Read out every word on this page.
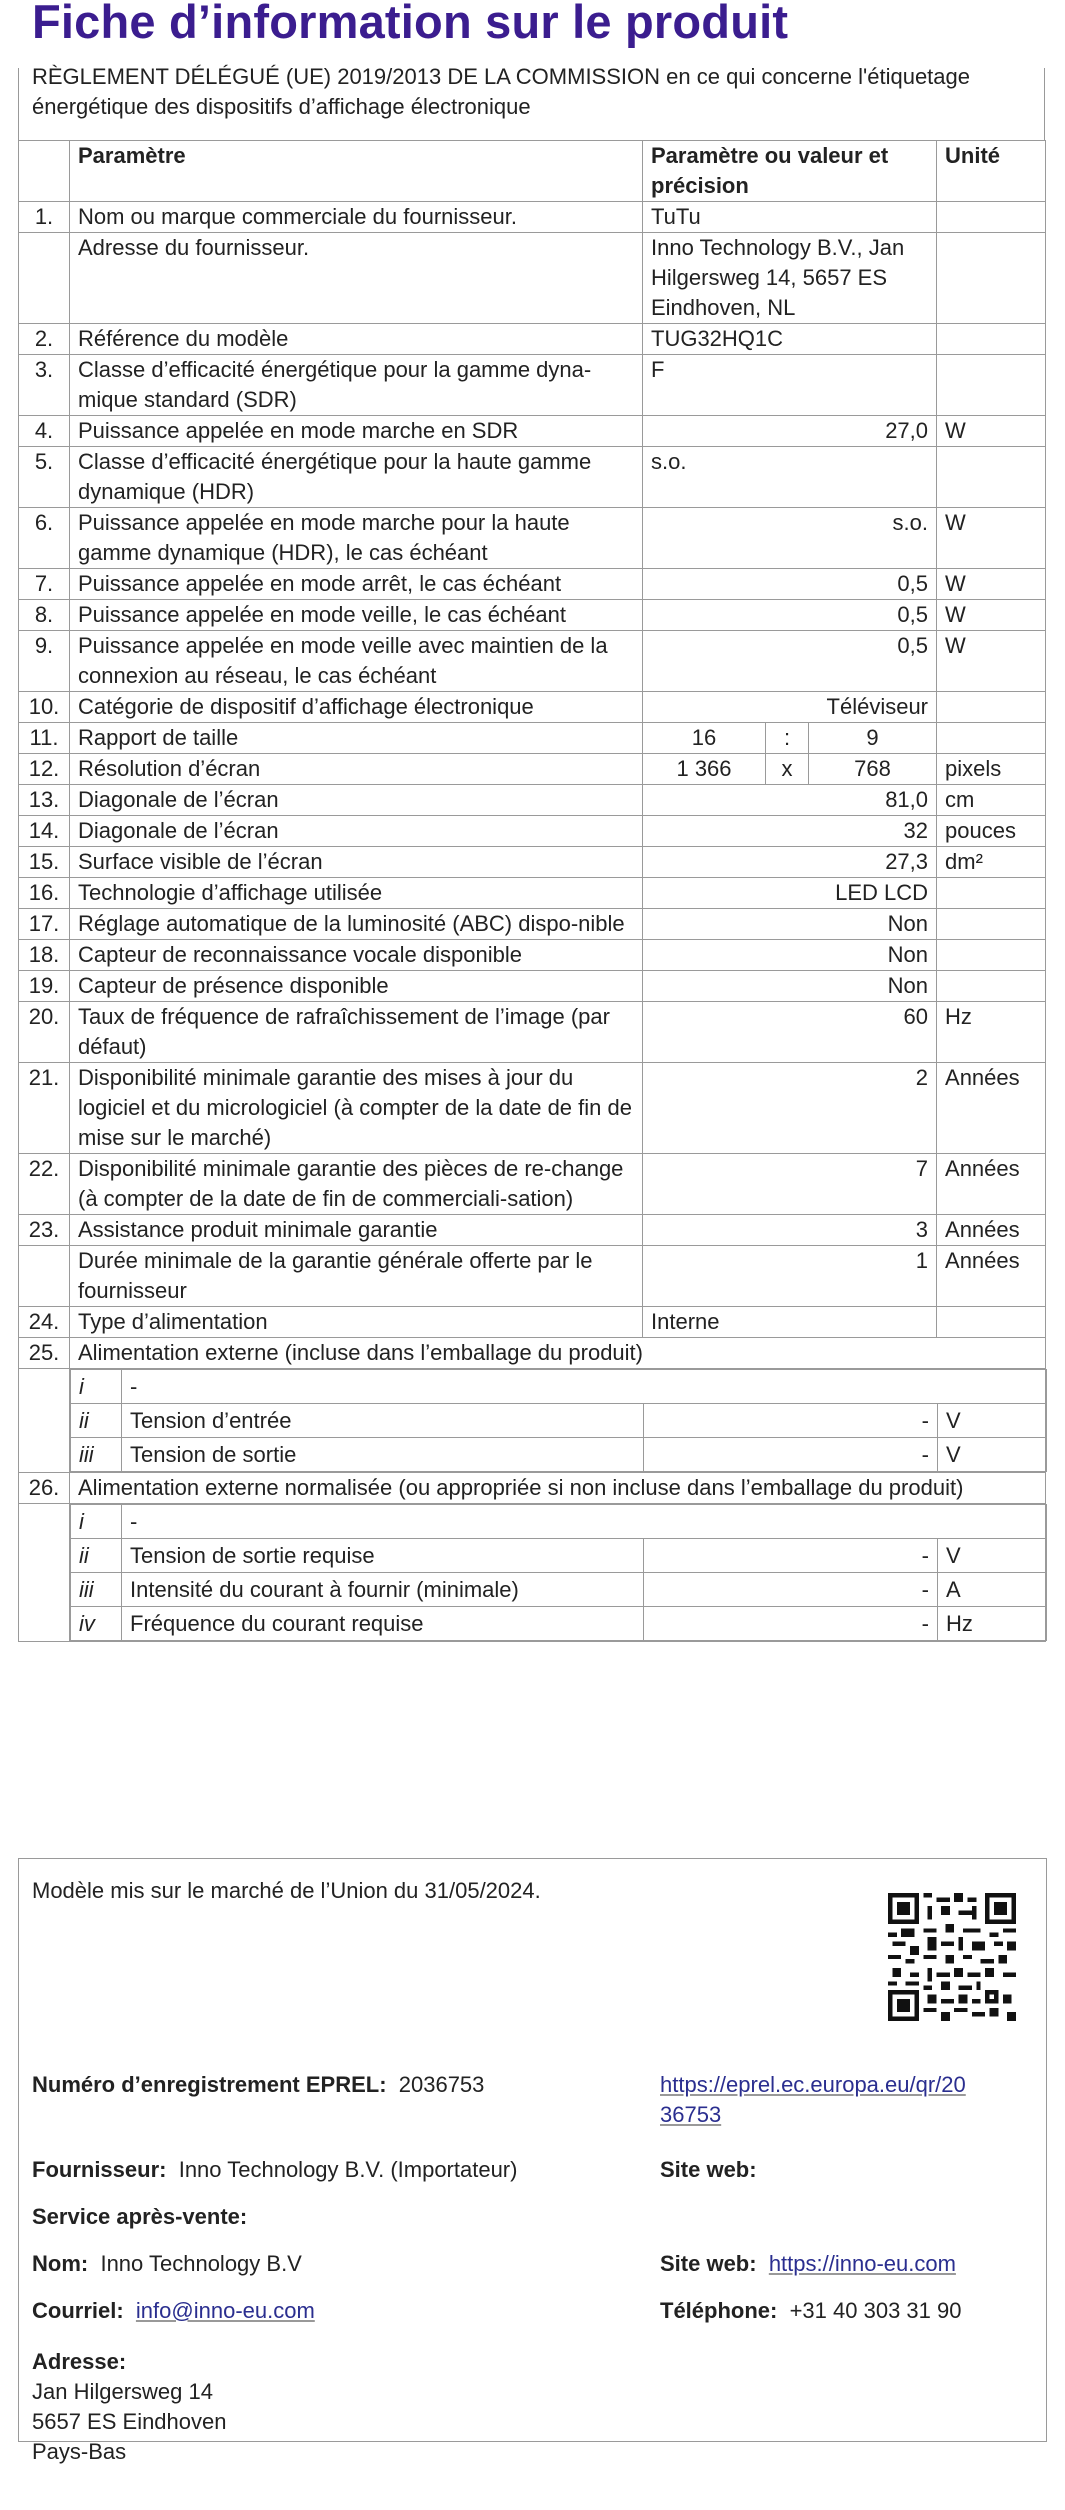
Fiche d’information sur le produit
RÈGLEMENT DÉLÉGUÉ (UE) 2019/2013 DE LA COMMISSION en ce qui concerne l'étiquetage énergétique des dispositifs d’affichage électronique
	Paramètre	Paramètre ou valeur et précision	Unité
1.	Nom ou marque commerciale du fournisseur.	TuTu	
	Adresse du fournisseur.	Inno Technology B.V., Jan Hilgersweg 14, 5657 ES Eindhoven, NL	
2.	Référence du modèle	TUG32HQ1C	
3.	Classe d’efficacité énergétique pour la gamme dyna-mique standard (SDR)	F	
4.	Puissance appelée en mode marche en SDR	27,0	W
5.	Classe d’efficacité énergétique pour la haute gamme dynamique (HDR)	s.o.	
6.	Puissance appelée en mode marche pour la haute gamme dynamique (HDR), le cas échéant	s.o.	W
7.	Puissance appelée en mode arrêt, le cas échéant	0,5	W
8.	Puissance appelée en mode veille, le cas échéant	0,5	W
9.	Puissance appelée en mode veille avec maintien de la connexion au réseau, le cas échéant	0,5	W
10.	Catégorie de dispositif d’affichage électronique	Téléviseur	
11.	Rapport de taille	16	:	9	
12.	Résolution d’écran	1 366	x	768	pixels
13.	Diagonale de l’écran	81,0	cm
14.	Diagonale de l’écran	32	pouces
15.	Surface visible de l’écran	27,3	dm²
16.	Technologie d’affichage utilisée	LED LCD	
17.	Réglage automatique de la luminosité (ABC) dispo-nible	Non	
18.	Capteur de reconnaissance vocale disponible	Non	
19.	Capteur de présence disponible	Non	
20.	Taux de fréquence de rafraîchissement de l’image (par défaut)	60	Hz
21.	Disponibilité minimale garantie des mises à jour du logiciel et du micrologiciel (à compter de la date de fin de mise sur le marché)	2	Années
22.	Disponibilité minimale garantie des pièces de re-change (à compter de la date de fin de commerciali-sation)	7	Années
23.	Assistance produit minimale garantie	3	Années
	Durée minimale de la garantie générale offerte par le fournisseur	1	Années
24.	Type d’alimentation	Interne	
25.	Alimentation externe (incluse dans l’emballage du produit)

i	-
ii	Tension d’entrée	-	V
iii	Tension de sortie	-	V

26.	Alimentation externe normalisée (ou appropriée si non incluse dans l’emballage du produit)

i	-
ii	Tension de sortie requise	-	V
iii	Intensité du courant à fournir (minimale)	-	A
iv	Fréquence du courant requise	-	Hz
Modèle mis sur le marché de l’Union du 31/05/2024.
Numéro d’enregistrement EPREL: 2036753	https://eprel.ec.europa.eu/qr/20
36753
Fournisseur: Inno Technology B.V. (Importateur)	Site web:
Service après-vente:
Nom: Inno Technology B.V	Site web: https://inno-eu.com
Courriel: info@inno-eu.com	Téléphone: +31 40 303 31 90
Adresse:
Jan Hilgersweg 14
5657 ES Eindhoven
Pays-Bas
